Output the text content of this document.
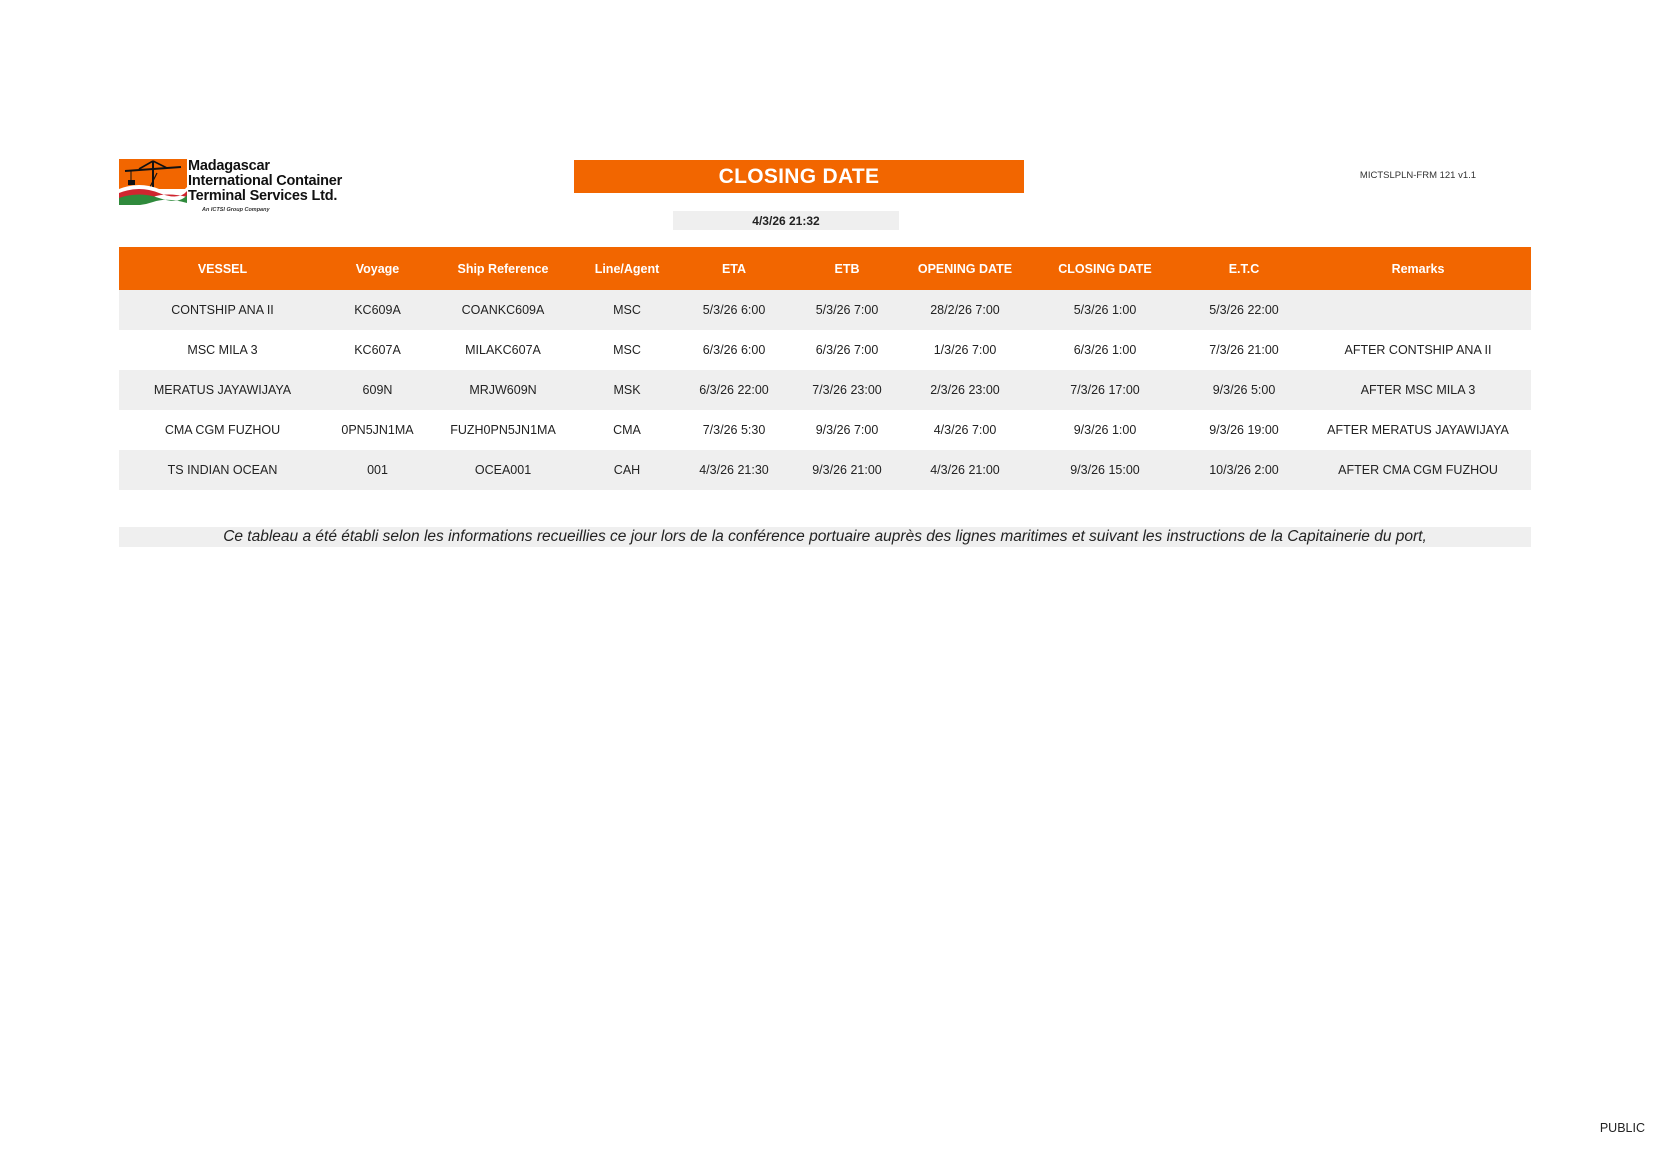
Madagascar
International Container
Terminal Services Ltd.
An ICTSI Group Company
CLOSING DATE	MICTSLPLN-FRM 121 v1.1
4/3/26 21:32
VESSEL	Voyage	Ship Reference	Line/Agent	ETA	ETB	OPENING DATE	CLOSING DATE	E.T.C	Remarks
CONTSHIP ANA II	KC609A	COANKC609A	MSC	5/3/26 6:00	5/3/26 7:00	28/2/26 7:00	5/3/26 1:00	5/3/26 22:00	
MSC MILA 3	KC607A	MILAKC607A	MSC	6/3/26 6:00	6/3/26 7:00	1/3/26 7:00	6/3/26 1:00	7/3/26 21:00	AFTER CONTSHIP ANA II
MERATUS JAYAWIJAYA	609N	MRJW609N	MSK	6/3/26 22:00	7/3/26 23:00	2/3/26 23:00	7/3/26 17:00	9/3/26 5:00	AFTER MSC MILA 3
CMA CGM FUZHOU	0PN5JN1MA	FUZH0PN5JN1MA	CMA	7/3/26 5:30	9/3/26 7:00	4/3/26 7:00	9/3/26 1:00	9/3/26 19:00	AFTER MERATUS JAYAWIJAYA
TS INDIAN OCEAN	001	OCEA001	CAH	4/3/26 21:30	9/3/26 21:00	4/3/26 21:00	9/3/26 15:00	10/3/26 2:00	AFTER CMA CGM FUZHOU
Ce tableau a été établi selon les informations recueillies ce jour lors de la conférence portuaire auprès des lignes maritimes et suivant les instructions de la Capitainerie du port,
PUBLIC
